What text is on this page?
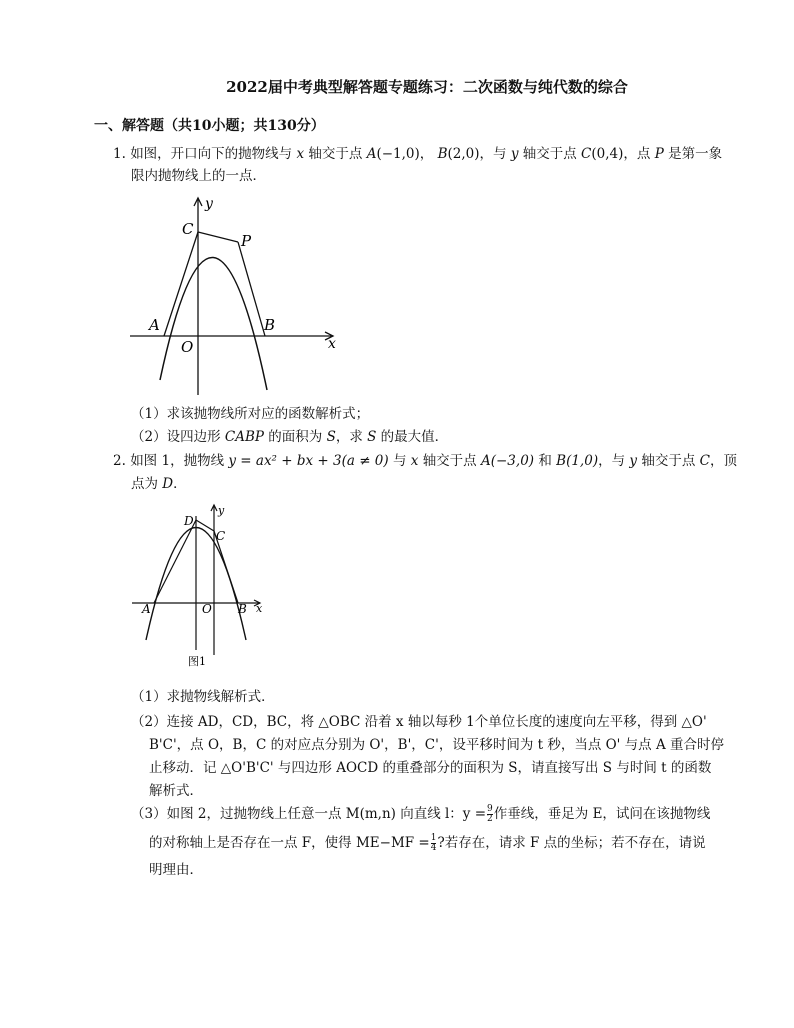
2022届中考典型解答题专题练习：二次函数与纯代数的综合
一、解答题（共10小题；共130分）
1. 如图，开口向下的抛物线与 x 轴交于点 A(−1,0)， B(2,0)，与 y 轴交于点 C(0,4)，点 P 是第一象
限内抛物线上的一点．
y
C
P
A
O
B
x
（1）求该抛物线所对应的函数解析式；
（2）设四边形 CABP 的面积为 S，求 S 的最大值．
2. 如图 1，抛物线 y = ax² + bx + 3(a ≠ 0) 与 x 轴交于点 A(−3,0) 和 B(1,0)，与 y 轴交于点 C，顶
点为 D．
D
y
C
A	O B x
图1
（1）求抛物线解析式．
（2）连接 AD，CD，BC，将 △OBC 沿着 x 轴以每秒 1个单位长度的速度向左平移，得到 △O'
B'C'，点 O，B，C 的对应点分别为 O'，B'，C'，设平移时间为 t 秒，当点 O' 与点 A 重合时停
止移动．记 △O'B'C' 与四边形 AOCD 的重叠部分的面积为 S，请直接写出 S 与时间 t 的函数
解析式．
（3）如图 2，过抛物线上任意一点 M(m,n) 向直线 l：$y = \frac{9}{2}$ 作垂线，垂足为 E，试问在该抛物线
的对称轴上是否存在一点 F，使得 $ME-MF = \frac{1}{4}$ ?若存在，请求 F 点的坐标；若不存在，请说
明理由．
